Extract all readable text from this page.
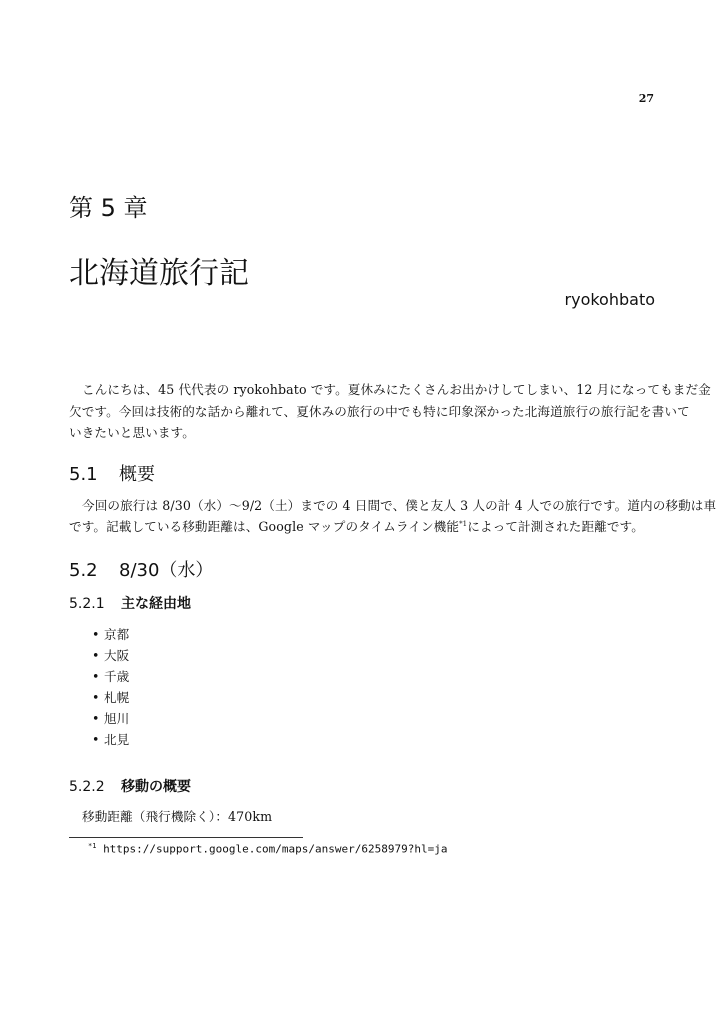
27
第 5 章
北海道旅行記
ryokohbato
こんにちは、45 代代表の ryokohbato です。夏休みにたくさんお出かけしてしまい、12 月になってもまだ金
欠です。今回は技術的な話から離れて、夏休みの旅行の中でも特に印象深かった北海道旅行の旅行記を書いて
いきたいと思います。
5.1 概要
今回の旅行は 8/30（水）～9/2（土）までの 4 日間で、僕と友人 3 人の計 4 人での旅行です。道内の移動は車
です。記載している移動距離は、Google マップのタイムライン機能$^{*1}$によって計測された距離です。
5.2 8/30（水）
5.2.1 主な経由地
• 京都
• 大阪
• 千歳
• 札幌
• 旭川
• 北見
5.2.2 移動の概要
移動距離（飛行機除く）：470km
$^{*1}$ https://support.google.com/maps/answer/6258979?hl=ja
